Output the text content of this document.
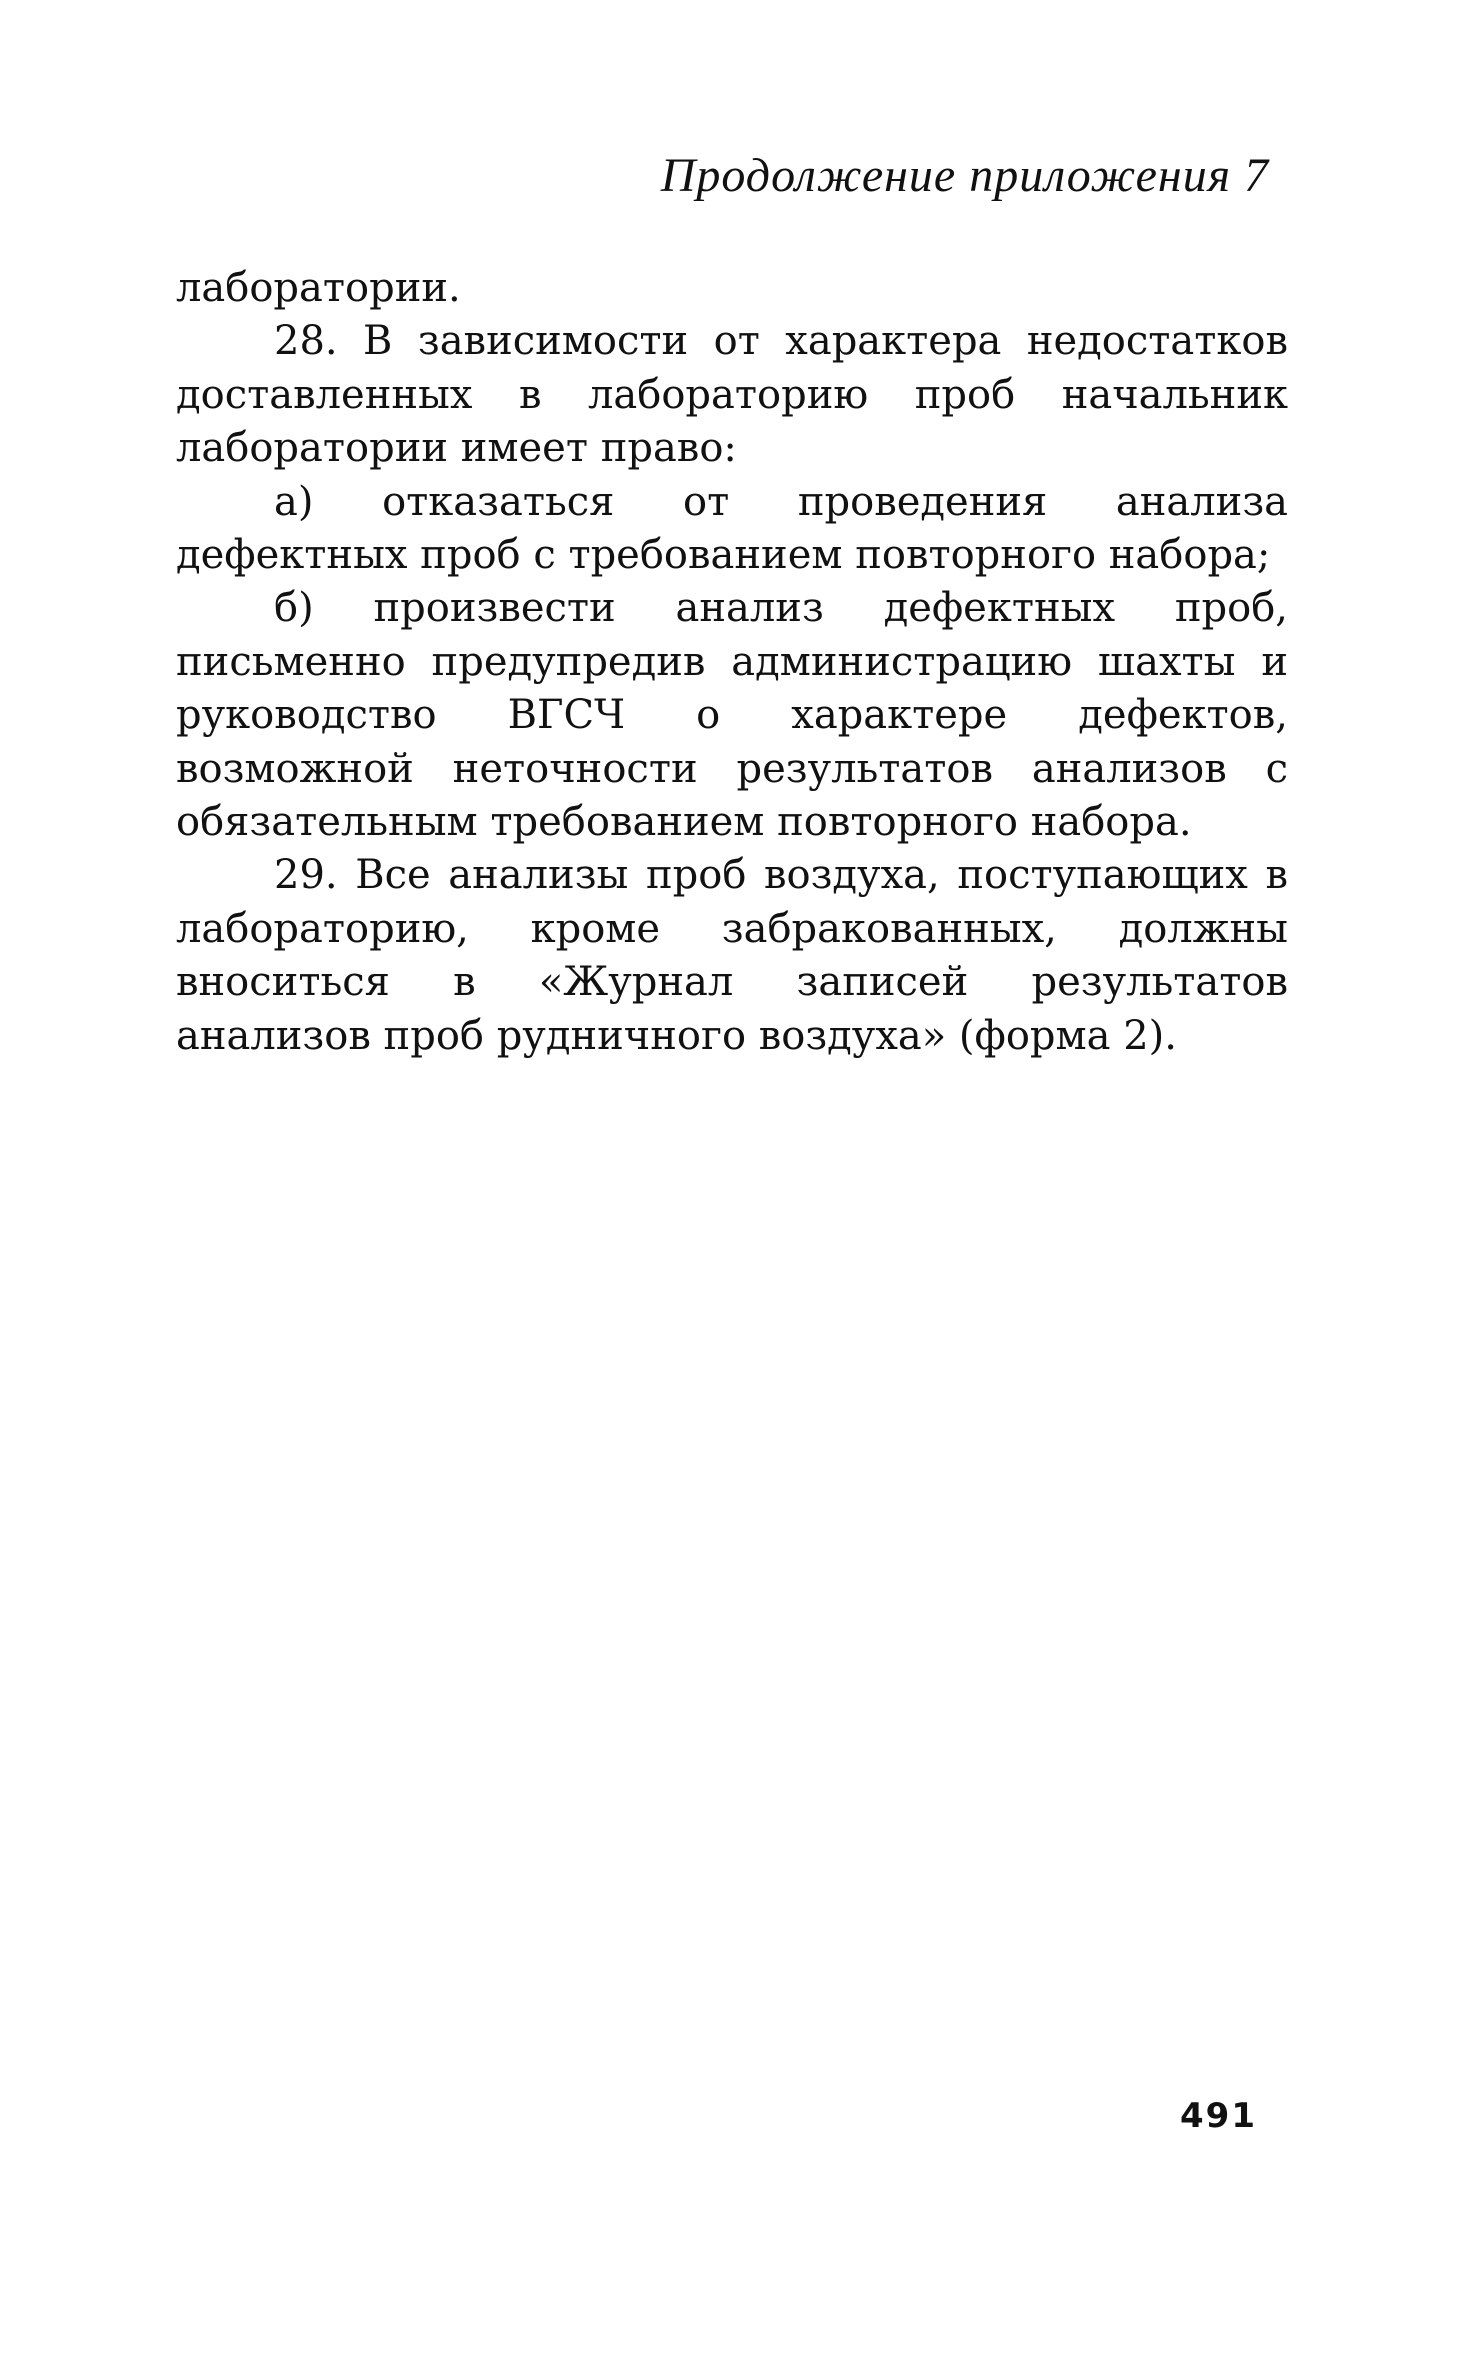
Продолжение приложения 7

лаборатории.

28. В зависимости от характера недостатков доставленных в лабораторию проб начальник лаборатории имеет право:

а) отказаться от проведения анализа дефектных проб с требованием повторного набора;

б) произвести анализ дефектных проб, письменно предупредив администрацию шахты и руководство ВГСЧ о характере дефектов, возможной неточности результатов анализов с обязательным требованием повторного набора.

29. Все анализы проб воздуха, поступающих в лабораторию, кроме забракованных, должны вноситься в «Журнал записей результатов анализов проб рудничного воздуха» (форма 2).

491
